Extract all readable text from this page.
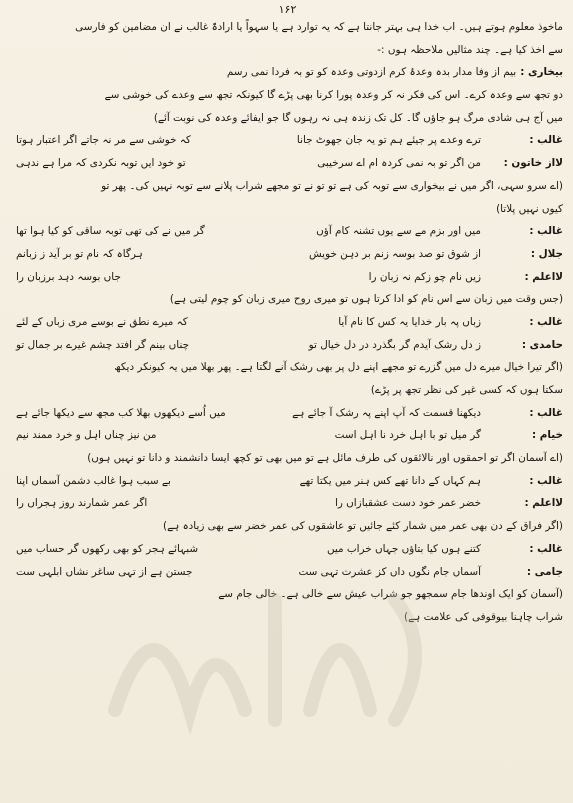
۱۶۲
ماخوذ معلوم ہوتے ہیں۔ اب خدا ہی بہتر جانتا ہے کہ یہ توارد ہے یا سہواً یا ارادۃً غالب نے ان مضامین کو فارسی
سے اخذ کیا ہے۔ چند مثالیں ملاحظہ ہوں :-
بیخاری :
بیم از وفا مدار بدہ وعدۂ کرم ازدوتی وعدہ کو تو بہ فردا نمی رسم
دو تجھ سے وعدہ کرے۔ اس کی فکر نہ کر وعدہ پورا کرنا بھی پڑے گا کیونکہ تجھ سے وعدے کی خوشی سے
میں آج ہی شادی مرگ ہو جاؤں گا۔ کل تک زندہ ہی نہ رہوں گا جو ایفائے وعدہ کی نوبت آئے)
غالب :
ترے وعدے پر جیئے ہم تو یہ جان جھوٹ جانا
کہ خوشی سے مر نہ جاتے اگر اعتبار ہوتا
لااز خاتون :
من اگر تو بہ نمی کردہ ام اے سرخیبی
تو خود ایں توبہ نکردی کہ مرا ہے ندہی
(اے سرو سہی، اگر میں نے بیخواری سے توبہ کی ہے تو تو نے تو مجھے شراب پلانے سے توبہ نہیں کی۔ پھر تو
کیوں نہیں پلاتا)
غالب :
میں اور بزم مے سے یوں تشنہ کام آؤں
گر میں نے کی تھی توبہ ساقی کو کیا ہوا تھا
جلال :
از شوق تو صد بوسہ زنم بر دہن خویش
ہرگاہ کہ نام تو بر آید ز زبانم
لااعلم :
زیں نام چو زکم نہ زبان را
جاں بوسہ دہد برزبان را
(جس وقت میں زبان سے اس نام کو ادا کرتا ہوں تو میری روح میری زبان کو چوم لیتی ہے)
غالب :
زباں پہ بار خدایا یہ کس کا نام آیا
کہ میرے نطق نے بوسے مری زباں کے لئے
حامدی :
ز دل رشک آیدم گر بگذرد در دل خیال تو
چناں بینم گر افتد چشم غیرے بر جمال تو
(اگر تیرا خیال میرے دل میں گزرے تو مجھے اپنے دل پر بھی رشک آنے لگتا ہے۔ پھر بھلا میں یہ کیونکر دیکھ
سکتا ہوں کہ کسی غیر کی نظر تجھ پر پڑے)
غالب :
دیکھنا قسمت کہ آپ اپنے پہ رشک آ جائے ہے
میں اُسے دیکھوں بھلا کب مجھ سے دیکھا جائے ہے
خیام :
گر میل تو با اہل خرد نا اہل است
من نیز چناں اہل و خرد ممند نیم
(اے آسمان اگر تو احمقوں اور نالائقوں کی طرف مائل ہے تو میں بھی تو کچھ ایسا دانشمند و دانا تو نہیں ہوں)
غالب :
ہم کہاں کے دانا تھے کس ہنر میں یکتا تھے
بے سبب ہوا غالب دشمن آسماں اپنا
لااعلم :
خضر عمر خود دست عشقبازاں را
اگر عمر شمارند روز ہجراں را
(اگر فراق کے دن بھی عمر میں شمار کئے جائیں تو عاشقوں کی عمر خضر سے بھی زیادہ ہے)
غالب :
کتنے ہوں کیا بتاؤں جہاں خراب میں
شبہائے ہجر کو بھی رکھوں گر حساب میں
جامی :
آسماں جام نگوں داں کز عشرت تہی ست
جستن ہے از تہی ساغر نشاں ابلہی ست
(آسمان کو ایک اوندھا جام سمجھو جو شراب عیش سے خالی ہے۔ خالی جام سے
شراب چاہنا بیوقوفی کی علامت ہے)
